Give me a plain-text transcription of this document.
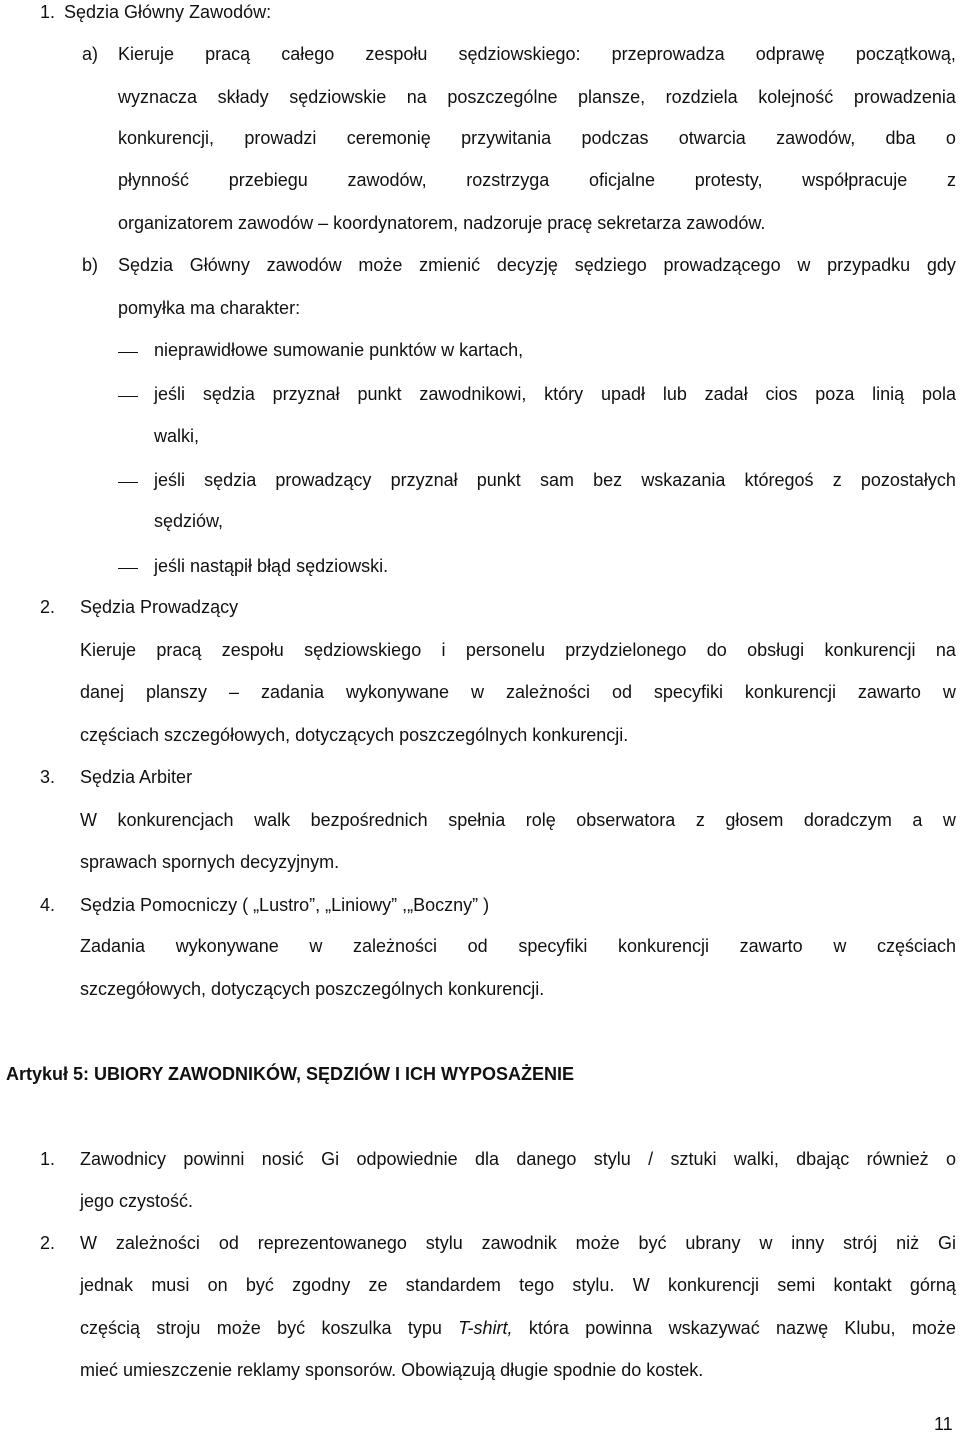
1. Sędzia Główny Zawodów:
a) Kieruje pracą całego zespołu sędziowskiego: przeprowadza odprawę początkową,
wyznacza składy sędziowskie na poszczególne plansze, rozdziela kolejność prowadzenia
konkurencji, prowadzi ceremonię przywitania podczas otwarcia zawodów, dba o
płynność przebiegu zawodów, rozstrzyga oficjalne protesty, współpracuje z
organizatorem zawodów – koordynatorem, nadzoruje pracę sekretarza zawodów.
b) Sędzia Główny zawodów może zmienić decyzję sędziego prowadzącego w przypadku gdy
pomyłka ma charakter:
nieprawidłowe sumowanie punktów w kartach,
jeśli sędzia przyznał punkt zawodnikowi, który upadł lub zadał cios poza linią pola
walki,
jeśli sędzia prowadzący przyznał punkt sam bez wskazania któregoś z pozostałych
sędziów,
jeśli nastąpił błąd sędziowski.
2. Sędzia Prowadzący
Kieruje pracą zespołu sędziowskiego i personelu przydzielonego do obsługi konkurencji na
danej planszy – zadania wykonywane w zależności od specyfiki konkurencji zawarto w
częściach szczegółowych, dotyczących poszczególnych konkurencji.
3. Sędzia Arbiter
W konkurencjach walk bezpośrednich spełnia rolę obserwatora z głosem doradczym a w
sprawach spornych decyzyjnym.
4. Sędzia Pomocniczy ( „Lustro”, „Liniowy” ,„Boczny” )
Zadania wykonywane w zależności od specyfiki konkurencji zawarto w częściach
szczegółowych, dotyczących poszczególnych konkurencji.
Artykuł 5: UBIORY ZAWODNIKÓW, SĘDZIÓW I ICH WYPOSAŻENIE
1. Zawodnicy powinni nosić Gi odpowiednie dla danego stylu / sztuki walki, dbając również o
jego czystość.
2. W zależności od reprezentowanego stylu zawodnik może być ubrany w inny strój niż Gi
jednak musi on być zgodny ze standardem tego stylu. W konkurencji semi kontakt górną
częścią stroju może być koszulka typu T-shirt, która powinna wskazywać nazwę Klubu, może
mieć umieszczenie reklamy sponsorów. Obowiązują długie spodnie do kostek.
11
